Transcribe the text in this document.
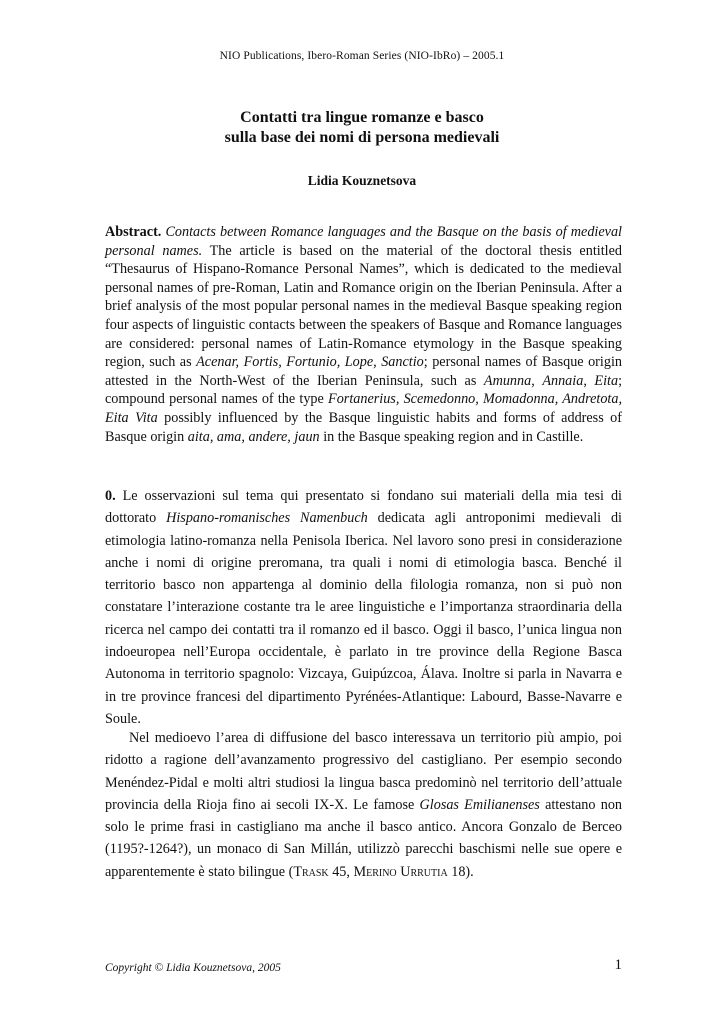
NIO Publications, Ibero-Roman Series (NIO-IbRo) – 2005.1
Contatti tra lingue romanze e basco
sulla base dei nomi di persona medievali
Lidia Kouznetsova
Abstract. Contacts between Romance languages and the Basque on the basis of medieval personal names. The article is based on the material of the doctoral thesis entitled “Thesaurus of Hispano-Romance Personal Names”, which is dedicated to the medieval personal names of pre-Roman, Latin and Romance origin on the Iberian Peninsula. After a brief analysis of the most popular personal names in the medieval Basque speaking region four aspects of linguistic contacts between the speakers of Basque and Romance languages are considered: personal names of Latin-Romance etymology in the Basque speaking region, such as Acenar, Fortis, Fortunio, Lope, Sanctio; personal names of Basque origin attested in the North-West of the Iberian Peninsula, such as Amunna, Annaia, Eita; compound personal names of the type Fortanerius, Scemedonno, Momadonna, Andretota, Eita Vita possibly influenced by the Basque linguistic habits and forms of address of Basque origin aita, ama, andere, jaun in the Basque speaking region and in Castille.

0. Le osservazioni sul tema qui presentato si fondano sui materiali della mia tesi di dottorato Hispano-romanisches Namenbuch dedicata agli antroponimi medievali di etimologia latino-romanza nella Penisola Iberica. Nel lavoro sono presi in considerazione anche i nomi di origine preromana, tra quali i nomi di etimologia basca. Benché il territorio basco non appartenga al dominio della filologia romanza, non si può non constatare l’interazione costante tra le aree linguistiche e l’importanza straordinaria della ricerca nel campo dei contatti tra il romanzo ed il basco. Oggi il basco, l’unica lingua non indoeuropea nell’Europa occidentale, è parlato in tre province della Regione Basca Autonoma in territorio spagnolo: Vizcaya, Guipúzcoa, Álava. Inoltre si parla in Navarra e in tre province francesi del dipartimento Pyrénées-Atlantique: Labourd, Basse-Navarre e Soule.

Nel medioevo l’area di diffusione del basco interessava un territorio più ampio, poi ridotto a ragione dell’avanzamento progressivo del castigliano. Per esempio secondo Menéndez-Pidal e molti altri studiosi la lingua basca predominò nel territorio dell’attuale provincia della Rioja fino ai secoli IX-X. Le famose Glosas Emilianenses attestano non solo le prime frasi in castigliano ma anche il basco antico. Ancora Gonzalo de Berceo (1195?-1264?), un monaco di San Millán, utilizzò parecchi baschismi nelle sue opere e apparentemente è stato bilingue (Trask 45, Merino Urrutia 18).

Copyright © Lidia Kouznetsova, 2005	1
